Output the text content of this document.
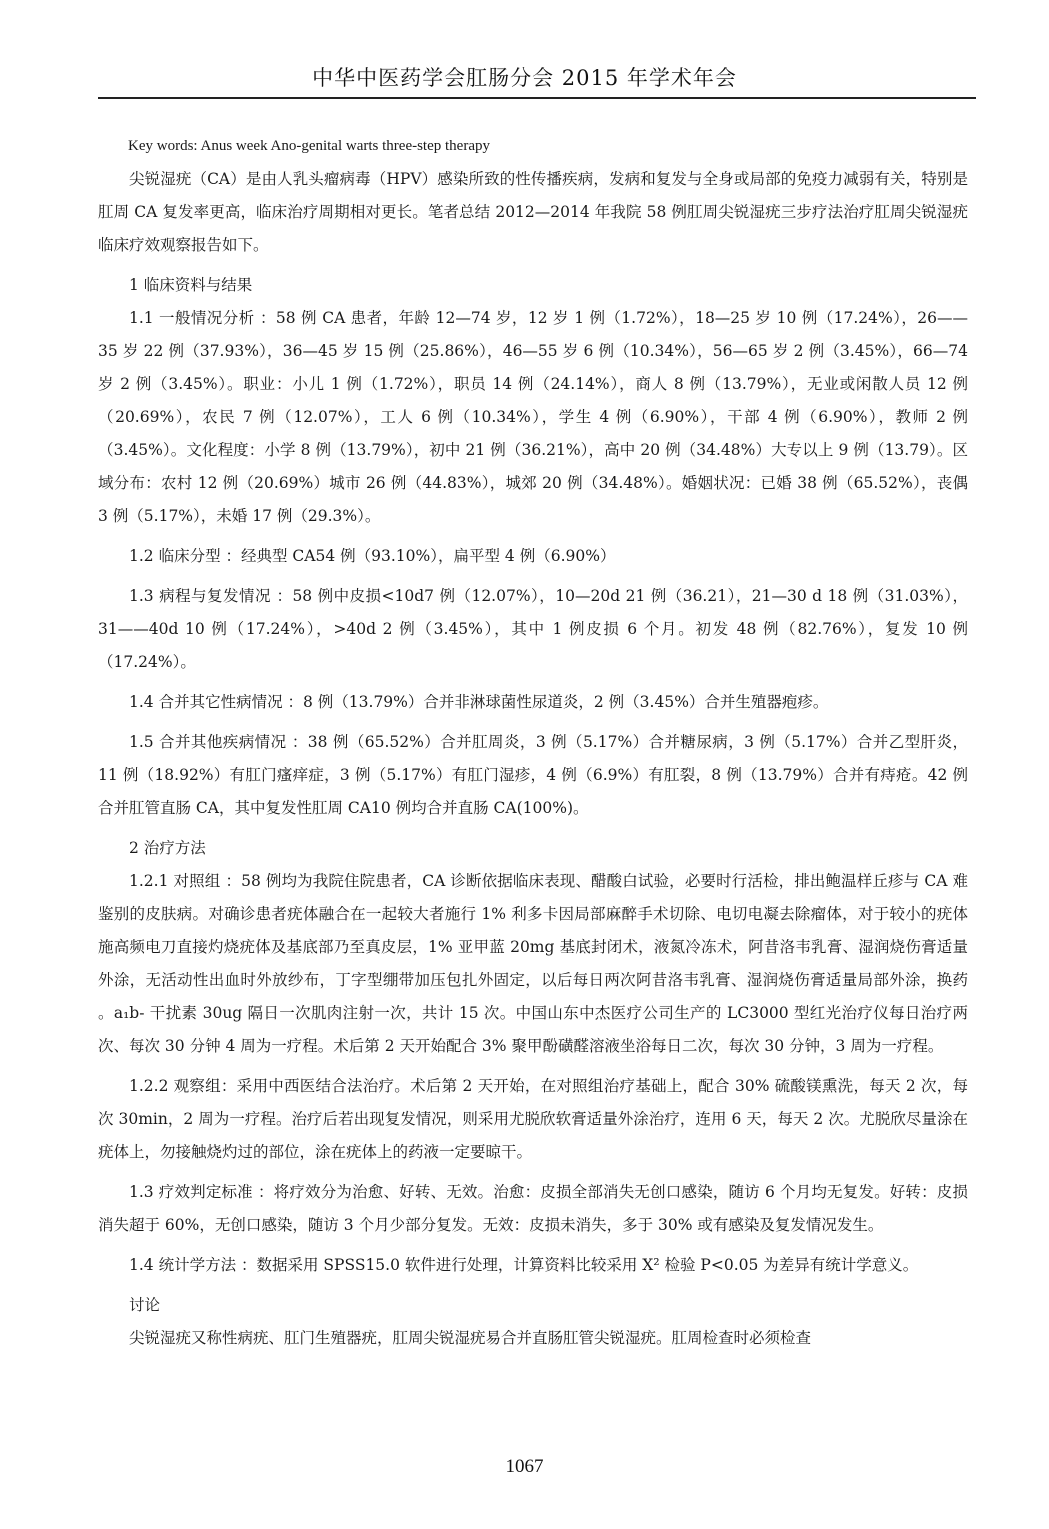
中华中医药学会肛肠分会 2015 年学术年会

Key words: Anus week Ano-genital warts three-step therapy

尖锐湿疣（CA）是由人乳头瘤病毒（HPV）感染所致的性传播疾病，发病和复发与全身或局部的免疫力减弱有关，特别是肛周 CA 复发率更高，临床治疗周期相对更长。笔者总结 2012—2014 年我院 58 例肛周尖锐湿疣三步疗法治疗肛周尖锐湿疣临床疗效观察报告如下。

1 临床资料与结果

1.1 一般情况分析 ：58 例 CA 患者，年龄 12—74 岁，12 岁 1 例（1.72%），18—25 岁 10 例（17.24%），26——35 岁 22 例（37.93%），36—45 岁 15 例（25.86%），46—55 岁 6 例（10.34%），56—65 岁 2 例（3.45%），66—74 岁 2 例（3.45%）。职业：小儿 1 例（1.72%），职员 14 例（24.14%），商人 8 例（13.79%），无业或闲散人员 12 例（20.69%），农民 7 例（12.07%），工人 6 例（10.34%），学生 4 例（6.90%），干部 4 例（6.90%），教师 2 例（3.45%）。文化程度：小学 8 例（13.79%），初中 21 例（36.21%），高中 20 例（34.48%）大专以上 9 例（13.79）。区域分布：农村 12 例（20.69%）城市 26 例（44.83%），城郊 20 例（34.48%）。婚姻状况：已婚 38 例（65.52%），丧偶 3 例（5.17%），未婚 17 例（29.3%）。

1.2 临床分型 ：经典型 CA54 例（93.10%），扁平型 4 例（6.90%）

1.3 病程与复发情况 ：58 例中皮损<10d7 例（12.07%），10—20d 21 例（36.21），21—30 d 18 例（31.03%），31——40d 10 例（17.24%），>40d 2 例（3.45%），其中 1 例皮损 6 个月。初发 48 例（82.76%），复发 10 例（17.24%）。

1.4 合并其它性病情况 ：8 例（13.79%）合并非淋球菌性尿道炎，2 例（3.45%）合并生殖器疱疹。

1.5 合并其他疾病情况 ：38 例（65.52%）合并肛周炎，3 例（5.17%）合并糖尿病，3 例（5.17%）合并乙型肝炎，11 例（18.92%）有肛门瘙痒症，3 例（5.17%）有肛门湿疹，4 例（6.9%）有肛裂，8 例（13.79%）合并有痔疮。42 例合并肛管直肠 CA，其中复发性肛周 CA10 例均合并直肠 CA(100%)。

2 治疗方法

1.2.1 对照组 ：58 例均为我院住院患者，CA 诊断依据临床表现、醋酸白试验，必要时行活检，排出鲍温样丘疹与 CA 难鉴别的皮肤病。对确诊患者疣体融合在一起较大者施行 1% 利多卡因局部麻醉手术切除、电切电凝去除瘤体，对于较小的疣体施高频电刀直接灼烧疣体及基底部乃至真皮层，1% 亚甲蓝 20mg 基底封闭术，液氮冷冻术，阿昔洛韦乳膏、湿润烧伤膏适量外涂，无活动性出血时外放纱布，丁字型绷带加压包扎外固定，以后每日两次阿昔洛韦乳膏、湿润烧伤膏适量局部外涂，换药 。a₁b- 干扰素 30ug 隔日一次肌肉注射一次，共计 15 次。中国山东中杰医疗公司生产的 LC3000 型红光治疗仪每日治疗两次、每次 30 分钟 4 周为一疗程。术后第 2 天开始配合 3% 聚甲酚磺醛溶液坐浴每日二次，每次 30 分钟，3 周为一疗程。

1.2.2 观察组：采用中西医结合法治疗。术后第 2 天开始，在对照组治疗基础上，配合 30% 硫酸镁熏洗，每天 2 次，每次 30min，2 周为一疗程。治疗后若出现复发情况，则采用尤脱欣软膏适量外涂治疗，连用 6 天，每天 2 次。尤脱欣尽量涂在疣体上，勿接触烧灼过的部位，涂在疣体上的药液一定要晾干。

1.3 疗效判定标准 ：将疗效分为治愈、好转、无效。治愈：皮损全部消失无创口感染，随访 6 个月均无复发。好转：皮损消失超于 60%，无创口感染，随访 3 个月少部分复发。无效：皮损未消失，多于 30% 或有感染及复发情况发生。

1.4 统计学方法 ：数据采用 SPSS15.0 软件进行处理，计算资料比较采用 X² 检验 P<0.05 为差异有统计学意义。

讨论

尖锐湿疣又称性病疣、肛门生殖器疣，肛周尖锐湿疣易合并直肠肛管尖锐湿疣。肛周检查时必须检查

1067
